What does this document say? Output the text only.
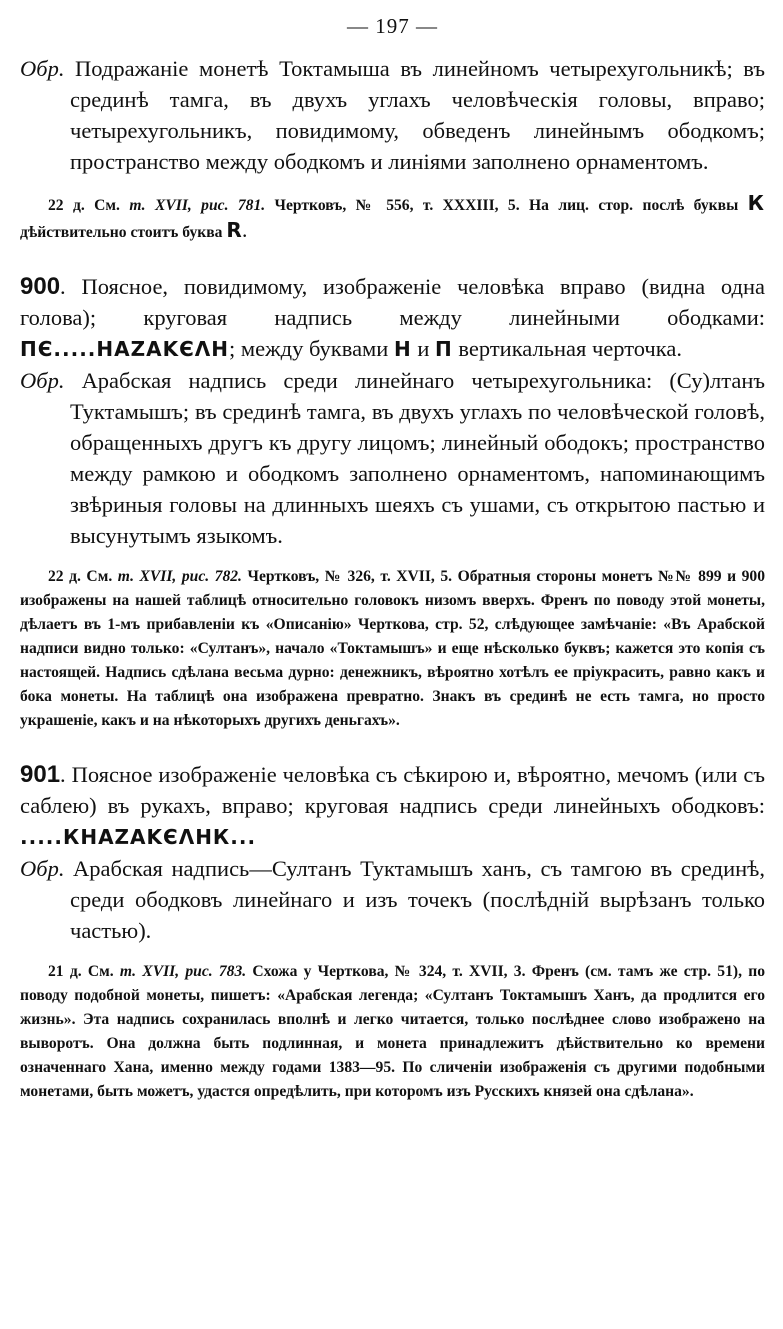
— 197 —

Обр. Подражаніе монетѣ Токтамыша въ линейномъ четырехугольникѣ; въ срединѣ тамга, въ двухъ углахъ человѣческія головы, вправо; четырехугольникъ, повидимому, обведенъ линейнымъ ободкомъ; пространство между ободкомъ и линіями заполнено орнаментомъ.

22 д. См. т. XVII, рис. 781. Чертковъ, № 556, т. XXXIII, 5. На лиц. стор. послѣ буквы К дѣйствительно стоитъ буква R.

900. Поясное, повидимому, изображеніе человѣка вправо (видна одна голова); круговая надпись между линейными ободками: ПЄ.....НАΖΑΚЄΛН; между буквами Н и П вертикальная черточка.

Обр. Арабская надпись среди линейнаго четырехугольника: (Су)лтанъ Туктамышъ; въ срединѣ тамга, въ двухъ углахъ по человѣческой головѣ, обращенныхъ другъ къ другу лицомъ; линейный ободокъ; пространство между рамкою и ободкомъ заполнено орнаментомъ, напоминающимъ звѣриныя головы на длинныхъ шеяхъ съ ушами, съ открытою пастью и высунутымъ языкомъ.

22 д. См. т. XVII, рис. 782. Чертковъ, № 326, т. XVII, 5. Обратныя стороны монетъ №№ 899 и 900 изображены на нашей таблицѣ относительно головокъ низомъ вверхъ. Френъ по поводу этой монеты, дѣлаетъ въ 1-мъ прибавленіи къ «Описанію» Черткова, стр. 52, слѣдующее замѣчаніе: «Въ Арабской надписи видно только: «Султанъ», начало «Токтамышъ» и еще нѣсколько буквъ; кажется это копія съ настоящей. Надпись сдѣлана весьма дурно: денежникъ, вѣроятно хотѣлъ ее пріукрасить, равно какъ и бока монеты. На таблицѣ она изображена превратно. Знакъ въ срединѣ не есть тамга, но просто украшеніе, какъ и на нѣкоторыхъ другихъ деньгахъ».

901. Поясное изображеніе человѣка съ сѣкирою и, вѣроятно, мечомъ (или съ саблею) въ рукахъ, вправо; круговая надпись среди линейныхъ ободковъ: .....КНАΖΑΚЄΛНК...

Обр. Арабская надпись—Султанъ Туктамышъ ханъ, съ тамгою въ срединѣ, среди ободковъ линейнаго и изъ точекъ (послѣдній вырѣзанъ только частью).

21 д. См. т. XVII, рис. 783. Схожа у Черткова, № 324, т. XVII, 3. Френъ (см. тамъ же стр. 51), по поводу подобной монеты, пишетъ: «Арабская легенда; «Султанъ Токтамышъ Ханъ, да продлится его жизнь». Эта надпись сохранилась вполнѣ и легко читается, только послѣднее слово изображено на выворотъ. Она должна быть подлинная, и монета принадлежитъ дѣйствительно ко времени означеннаго Хана, именно между годами 1383—95. По сличеніи изображенія съ другими подобными монетами, быть можетъ, удастся опредѣлить, при которомъ изъ Русскихъ князей она сдѣлана».
